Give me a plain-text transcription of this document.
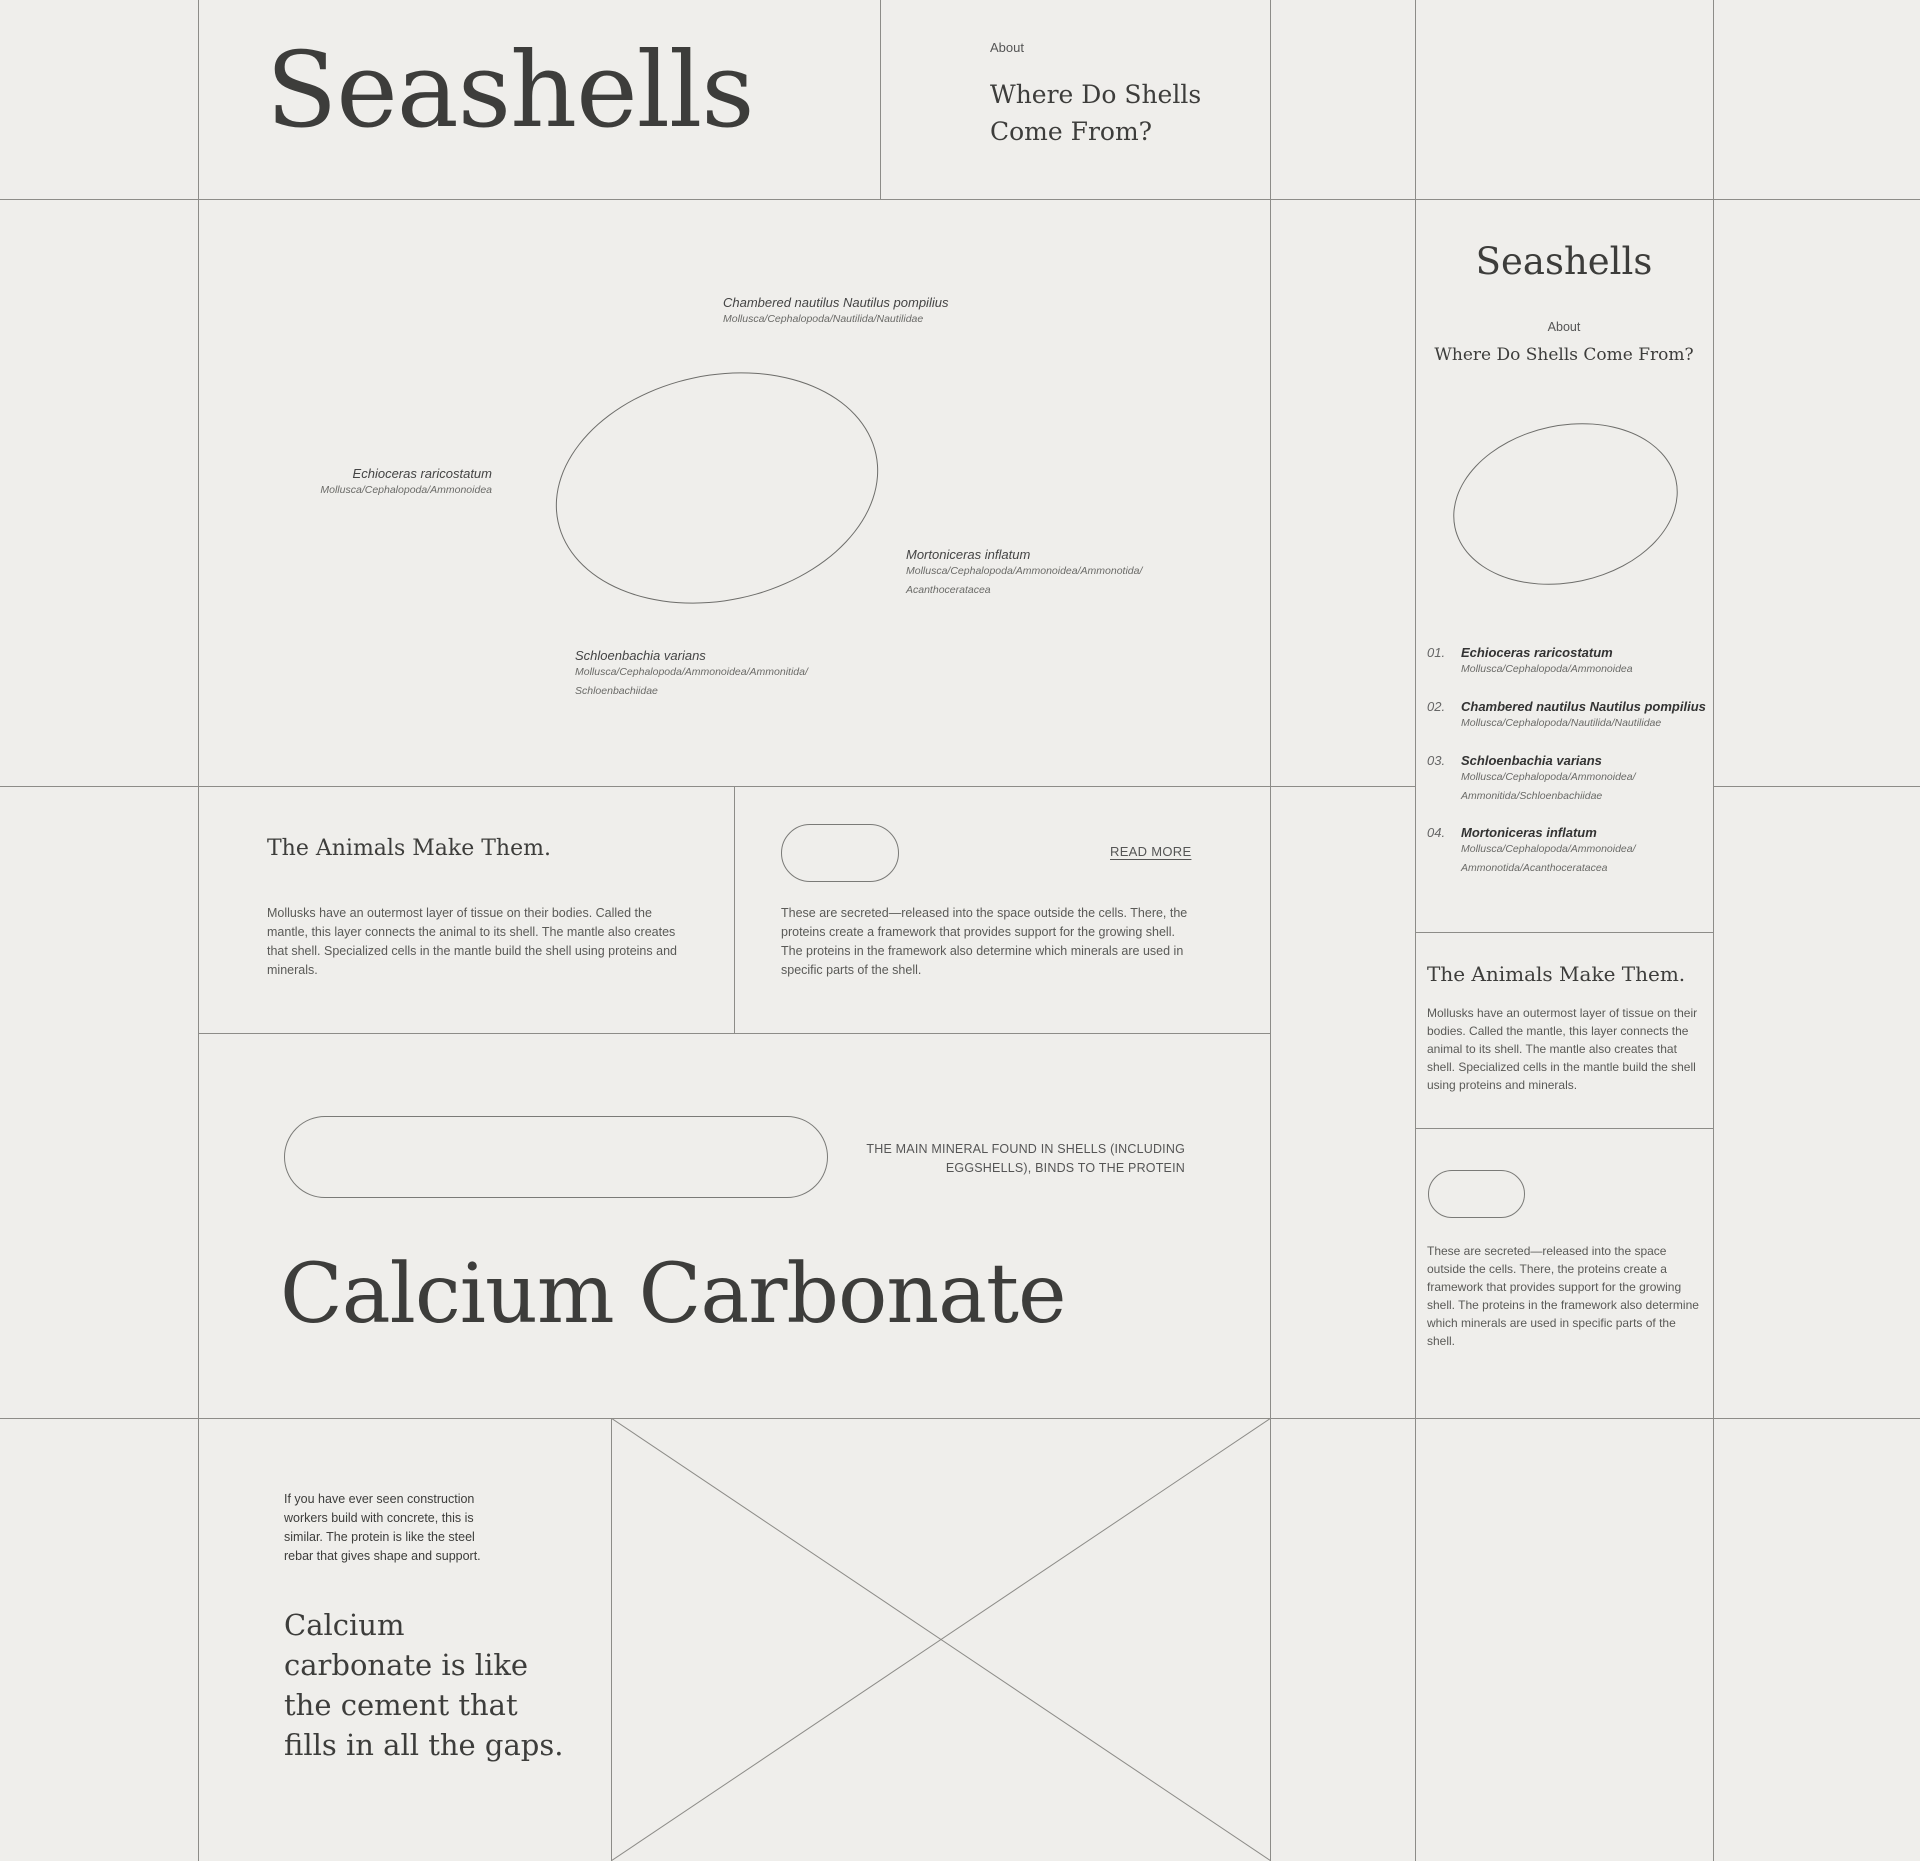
Seashells	About
Where Do Shells Come From?
Chambered nautilus Nautilus pompilius
Mollusca/Cephalopoda/Nautilida/Nautilidae
Echioceras raricostatum
Mollusca/Cephalopoda/Ammonoidea
Mortoniceras inflatum
Mollusca/Cephalopoda/Ammonoidea/Ammonotida/
Acanthoceratacea
Schloenbachia varians
Mollusca/Cephalopoda/Ammonoidea/Ammonitida/
Schloenbachiidae
The Animals Make Them.
Mollusks have an outermost layer of tissue on their bodies. Called the mantle, this layer connects the animal to its shell. The mantle also creates that shell. Specialized cells in the mantle build the shell using proteins and minerals.
READ MORE
These are secreted—released into the space outside the cells. There, the proteins create a framework that provides support for the growing shell. The proteins in the framework also determine which minerals are used in specific parts of the shell.
THE MAIN MINERAL FOUND IN SHELLS (INCLUDING
EGGSHELLS), BINDS TO THE PROTEIN
Calcium Carbonate
If you have ever seen construction workers build with concrete, this is similar. The protein is like the steel rebar that gives shape and support.
Calcium
carbonate is like
the cement that
fills in all the gaps.
Seashells
About
Where Do Shells Come From?
01.	Echioceras raricostatum
Mollusca/Cephalopoda/Ammonoidea
02.	Chambered nautilus Nautilus pompilius
Mollusca/Cephalopoda/Nautilida/Nautilidae
03.	Schloenbachia varians
Mollusca/Cephalopoda/Ammonoidea/
Ammonitida/Schloenbachiidae
04.	Mortoniceras inflatum
Mollusca/Cephalopoda/Ammonoidea/
Ammonotida/Acanthoceratacea
The Animals Make Them.
Mollusks have an outermost layer of tissue on their bodies. Called the mantle, this layer connects the animal to its shell. The mantle also creates that shell. Specialized cells in the mantle build the shell using proteins and minerals.
These are secreted—released into the space outside the cells. There, the proteins create a framework that provides support for the growing shell. The proteins in the framework also determine which minerals are used in specific parts of the shell.
